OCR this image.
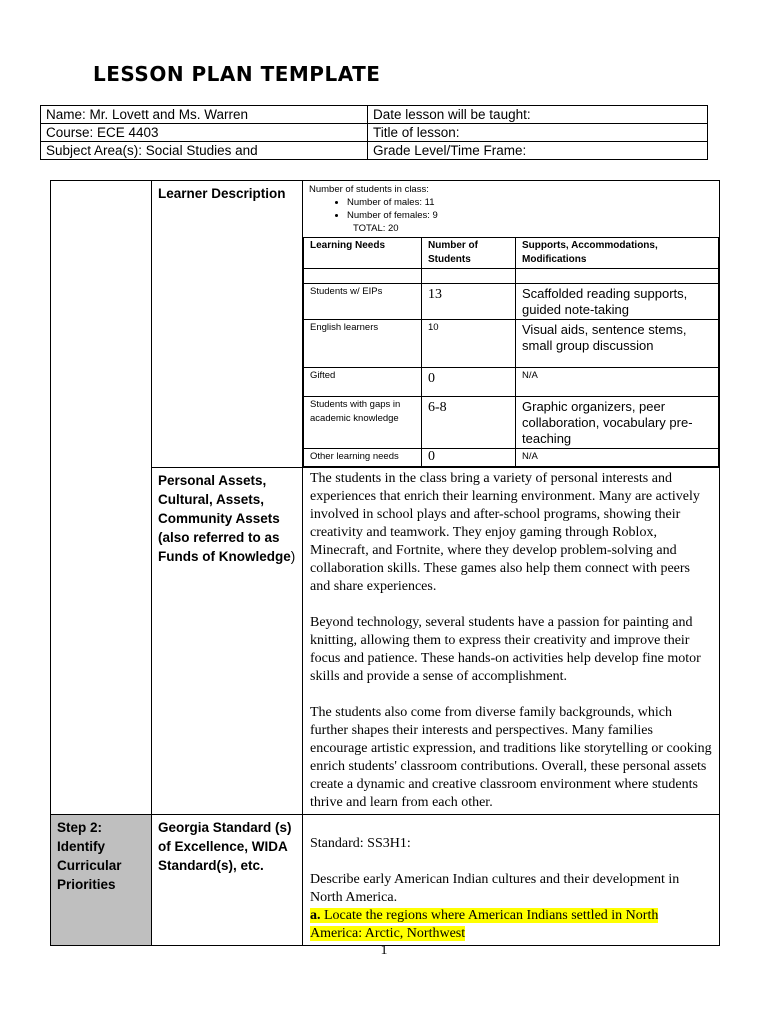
LESSON PLAN TEMPLATE
Name: Mr. Lovett and Ms. Warren	Date lesson will be taught:
Course: ECE 4403	Title of lesson:
Subject Area(s): Social Studies and	Grade Level/Time Frame:
	Learner Description	Number of students in class:
• Number of males: 11
• Number of females: 9
TOTAL: 20
Learning Needs	Number of Students	Supports, Accommodations, Modifications

Students w/ EIPs	13	Scaffolded reading supports, guided note-taking
English learners	10	Visual aids, sentence stems, small group discussion
Gifted	0	N/A
Students with gaps in academic knowledge	6-8	Graphic organizers, peer collaboration, vocabulary pre-teaching
Other learning needs	0	N/A

Personal Assets, Cultural, Assets, Community Assets (also referred to as Funds of Knowledge)	

The students in the class bring a variety of personal interests and experiences that enrich their learning environment. Many are actively involved in school plays and after-school programs, showing their creativity and teamwork. They enjoy gaming through Roblox, Minecraft, and Fortnite, where they develop problem-solving and collaboration skills. These games also help them connect with peers and share experiences.

Beyond technology, several students have a passion for painting and knitting, allowing them to express their creativity and improve their focus and patience. These hands-on activities help develop fine motor skills and provide a sense of accomplishment.

The students also come from diverse family backgrounds, which further shapes their interests and perspectives. Many families encourage artistic expression, and traditions like storytelling or cooking enrich students' classroom contributions. Overall, these personal assets create a dynamic and creative classroom environment where students thrive and learn from each other.

Step 2: Identify Curricular Priorities	Georgia Standard (s) of Excellence, WIDA Standard(s), etc.	

Standard: SS3H1:

Describe early American Indian cultures and their development in North America.
a. Locate the regions where American Indians settled in North America: Arctic, Northwest
1
